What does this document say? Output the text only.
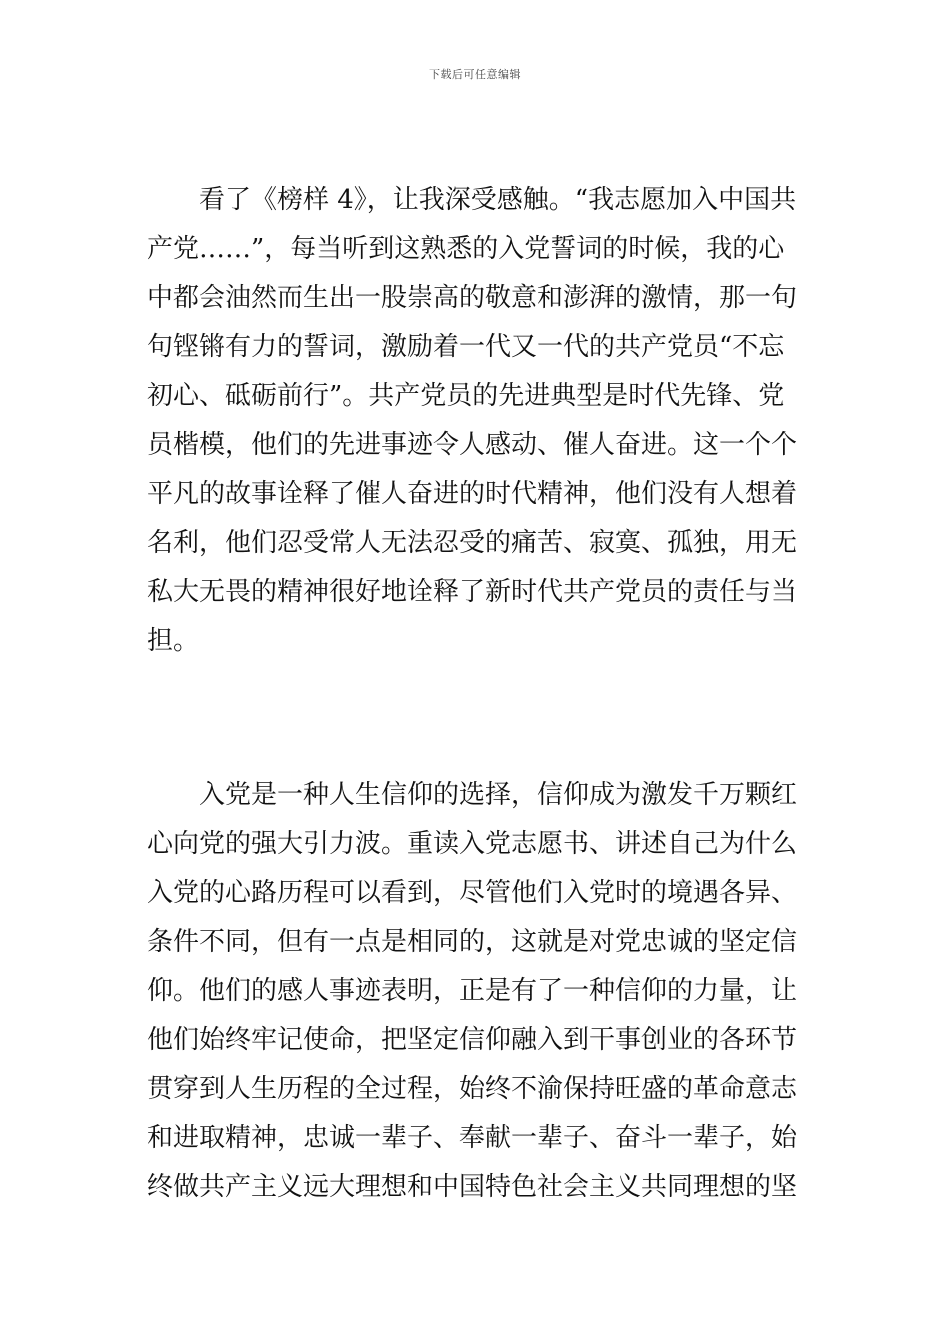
下载后可任意编辑
看了《榜样 4》，让我深受感触。“我志愿加入中国共
产党……”，每当听到这熟悉的入党誓词的时候，我的心
中都会油然而生出一股崇高的敬意和澎湃的激情，那一句
句铿锵有力的誓词，激励着一代又一代的共产党员“不忘
初心、砥砺前行”。共产党员的先进典型是时代先锋、党
员楷模，他们的先进事迹令人感动、催人奋进。这一个个
平凡的故事诠释了催人奋进的时代精神，他们没有人想着
名利，他们忍受常人无法忍受的痛苦、寂寞、孤独，用无
私大无畏的精神很好地诠释了新时代共产党员的责任与当
担。
入党是一种人生信仰的选择，信仰成为激发千万颗红
心向党的强大引力波。重读入党志愿书、讲述自己为什么
入党的心路历程可以看到，尽管他们入党时的境遇各异、
条件不同，但有一点是相同的，这就是对党忠诚的坚定信
仰。他们的感人事迹表明，正是有了一种信仰的力量，让
他们始终牢记使命，把坚定信仰融入到干事创业的各环节
贯穿到人生历程的全过程，始终不渝保持旺盛的革命意志
和进取精神，忠诚一辈子、奉献一辈子、奋斗一辈子，始
终做共产主义远大理想和中国特色社会主义共同理想的坚
